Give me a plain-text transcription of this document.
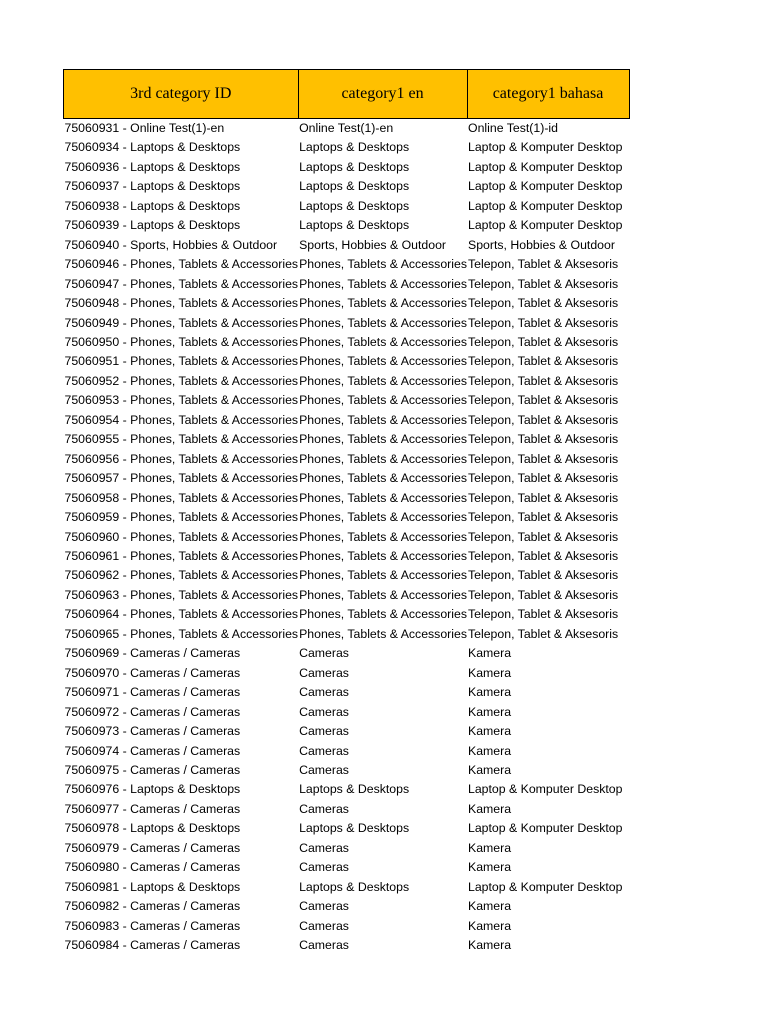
3rd category ID	category1 en	category1 bahasa
75060931 - Online Test(1)-en	Online Test(1)-en	Online Test(1)-id
75060934 - Laptops & Desktops	Laptops & Desktops	Laptop & Komputer Desktop
75060936 - Laptops & Desktops	Laptops & Desktops	Laptop & Komputer Desktop
75060937 - Laptops & Desktops	Laptops & Desktops	Laptop & Komputer Desktop
75060938 - Laptops & Desktops	Laptops & Desktops	Laptop & Komputer Desktop
75060939 - Laptops & Desktops	Laptops & Desktops	Laptop & Komputer Desktop
75060940 - Sports, Hobbies & Outdoor	Sports, Hobbies & Outdoor	Sports, Hobbies & Outdoor
75060946 - Phones, Tablets & Accessories	Phones, Tablets & Accessories	Telepon, Tablet & Aksesoris
75060947 - Phones, Tablets & Accessories	Phones, Tablets & Accessories	Telepon, Tablet & Aksesoris
75060948 - Phones, Tablets & Accessories	Phones, Tablets & Accessories	Telepon, Tablet & Aksesoris
75060949 - Phones, Tablets & Accessories	Phones, Tablets & Accessories	Telepon, Tablet & Aksesoris
75060950 - Phones, Tablets & Accessories	Phones, Tablets & Accessories	Telepon, Tablet & Aksesoris
75060951 - Phones, Tablets & Accessories	Phones, Tablets & Accessories	Telepon, Tablet & Aksesoris
75060952 - Phones, Tablets & Accessories	Phones, Tablets & Accessories	Telepon, Tablet & Aksesoris
75060953 - Phones, Tablets & Accessories	Phones, Tablets & Accessories	Telepon, Tablet & Aksesoris
75060954 - Phones, Tablets & Accessories	Phones, Tablets & Accessories	Telepon, Tablet & Aksesoris
75060955 - Phones, Tablets & Accessories	Phones, Tablets & Accessories	Telepon, Tablet & Aksesoris
75060956 - Phones, Tablets & Accessories	Phones, Tablets & Accessories	Telepon, Tablet & Aksesoris
75060957 - Phones, Tablets & Accessories	Phones, Tablets & Accessories	Telepon, Tablet & Aksesoris
75060958 - Phones, Tablets & Accessories	Phones, Tablets & Accessories	Telepon, Tablet & Aksesoris
75060959 - Phones, Tablets & Accessories	Phones, Tablets & Accessories	Telepon, Tablet & Aksesoris
75060960 - Phones, Tablets & Accessories	Phones, Tablets & Accessories	Telepon, Tablet & Aksesoris
75060961 - Phones, Tablets & Accessories	Phones, Tablets & Accessories	Telepon, Tablet & Aksesoris
75060962 - Phones, Tablets & Accessories	Phones, Tablets & Accessories	Telepon, Tablet & Aksesoris
75060963 - Phones, Tablets & Accessories	Phones, Tablets & Accessories	Telepon, Tablet & Aksesoris
75060964 - Phones, Tablets & Accessories	Phones, Tablets & Accessories	Telepon, Tablet & Aksesoris
75060965 - Phones, Tablets & Accessories	Phones, Tablets & Accessories	Telepon, Tablet & Aksesoris
75060969 - Cameras / Cameras	Cameras	Kamera
75060970 - Cameras / Cameras	Cameras	Kamera
75060971 - Cameras / Cameras	Cameras	Kamera
75060972 - Cameras / Cameras	Cameras	Kamera
75060973 - Cameras / Cameras	Cameras	Kamera
75060974 - Cameras / Cameras	Cameras	Kamera
75060975 - Cameras / Cameras	Cameras	Kamera
75060976 - Laptops & Desktops	Laptops & Desktops	Laptop & Komputer Desktop
75060977 - Cameras / Cameras	Cameras	Kamera
75060978 - Laptops & Desktops	Laptops & Desktops	Laptop & Komputer Desktop
75060979 - Cameras / Cameras	Cameras	Kamera
75060980 - Cameras / Cameras	Cameras	Kamera
75060981 - Laptops & Desktops	Laptops & Desktops	Laptop & Komputer Desktop
75060982 - Cameras / Cameras	Cameras	Kamera
75060983 - Cameras / Cameras	Cameras	Kamera
75060984 - Cameras / Cameras	Cameras	Kamera
